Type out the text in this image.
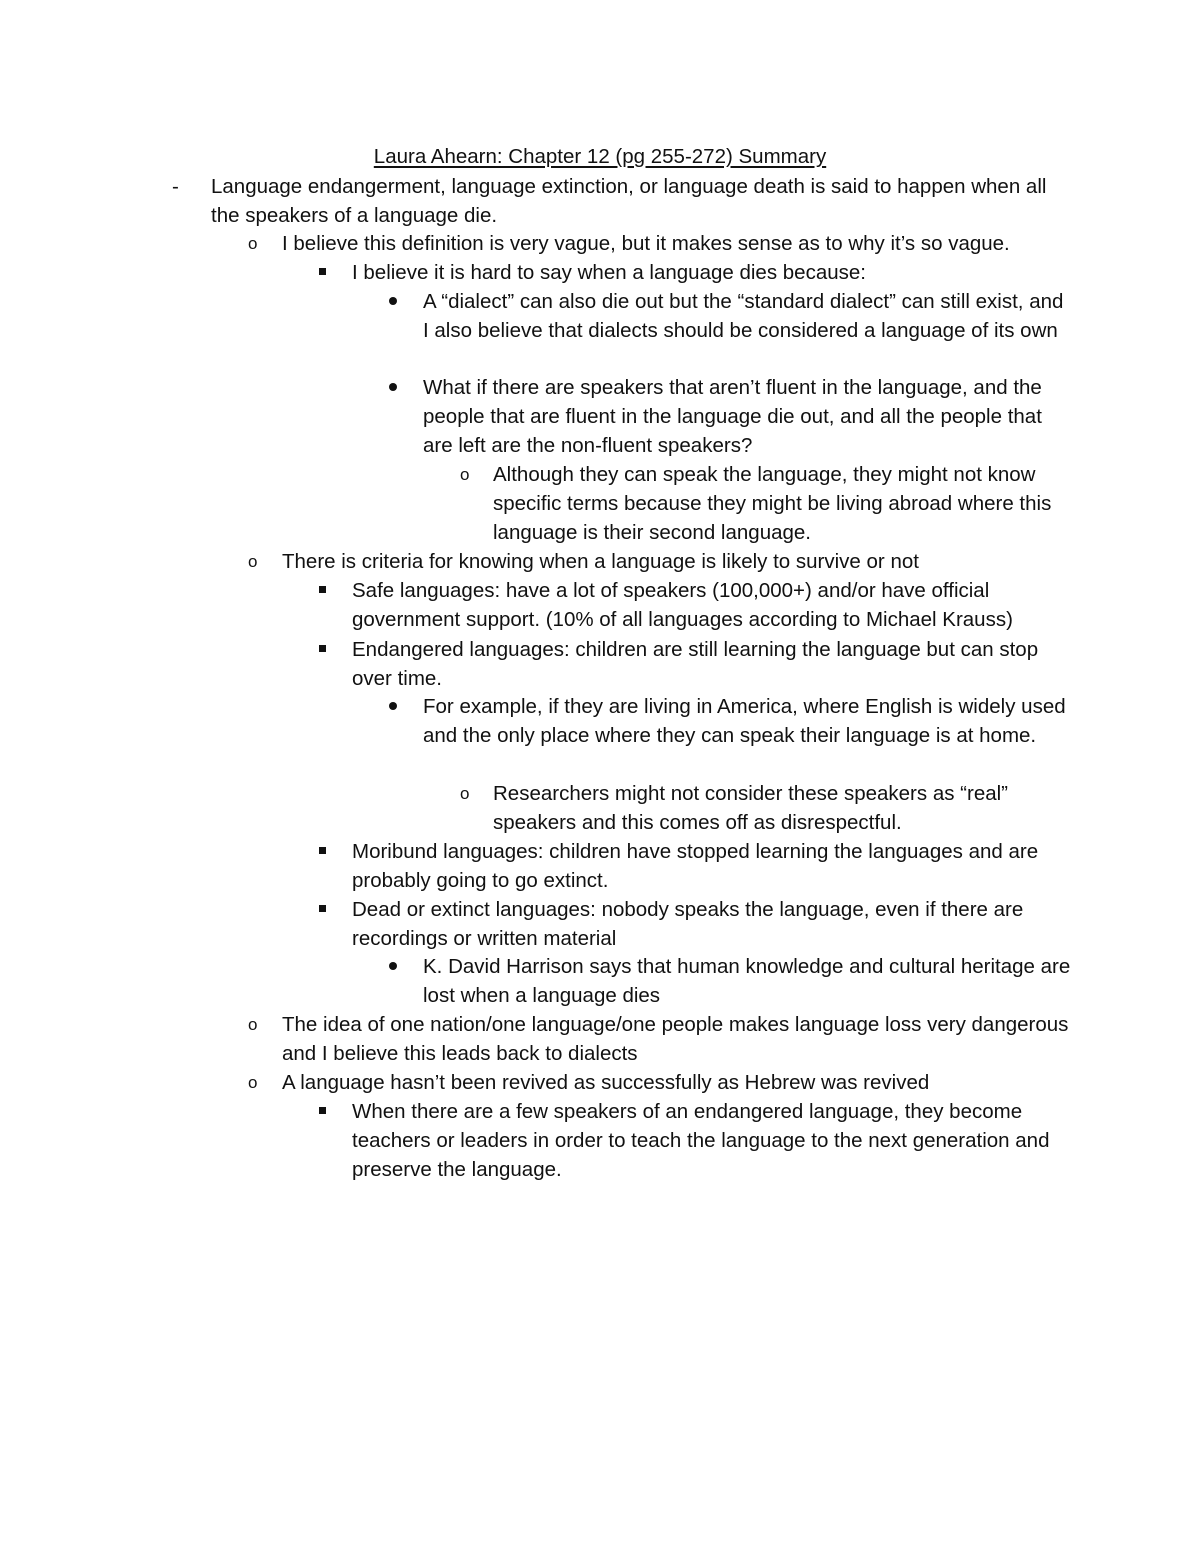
Laura Ahearn: Chapter 12 (pg 255-272) Summary
- Language endangerment, language extinction, or language death is said to happen when all the speakers of a language die.
o I believe this definition is very vague, but it makes sense as to why it’s so vague.
I believe it is hard to say when a language dies because:
A “dialect” can also die out but the “standard dialect” can still exist, and I also believe that dialects should be considered a language of its own
What if there are speakers that aren’t fluent in the language, and the people that are fluent in the language die out, and all the people that are left are the non-fluent speakers?
o Although they can speak the language, they might not know specific terms because they might be living abroad where this language is their second language.
o There is criteria for knowing when a language is likely to survive or not
Safe languages: have a lot of speakers (100,000+) and/or have official government support. (10% of all languages according to Michael Krauss)
Endangered languages: children are still learning the language but can stop over time.
For example, if they are living in America, where English is widely used and the only place where they can speak their language is at home.
o Researchers might not consider these speakers as “real” speakers and this comes off as disrespectful.
Moribund languages: children have stopped learning the languages and are probably going to go extinct.
Dead or extinct languages: nobody speaks the language, even if there are recordings or written material
K. David Harrison says that human knowledge and cultural heritage are lost when a language dies
o The idea of one nation/one language/one people makes language loss very dangerous and I believe this leads back to dialects
o A language hasn’t been revived as successfully as Hebrew was revived
When there are a few speakers of an endangered language, they become teachers or leaders in order to teach the language to the next generation and preserve the language.
